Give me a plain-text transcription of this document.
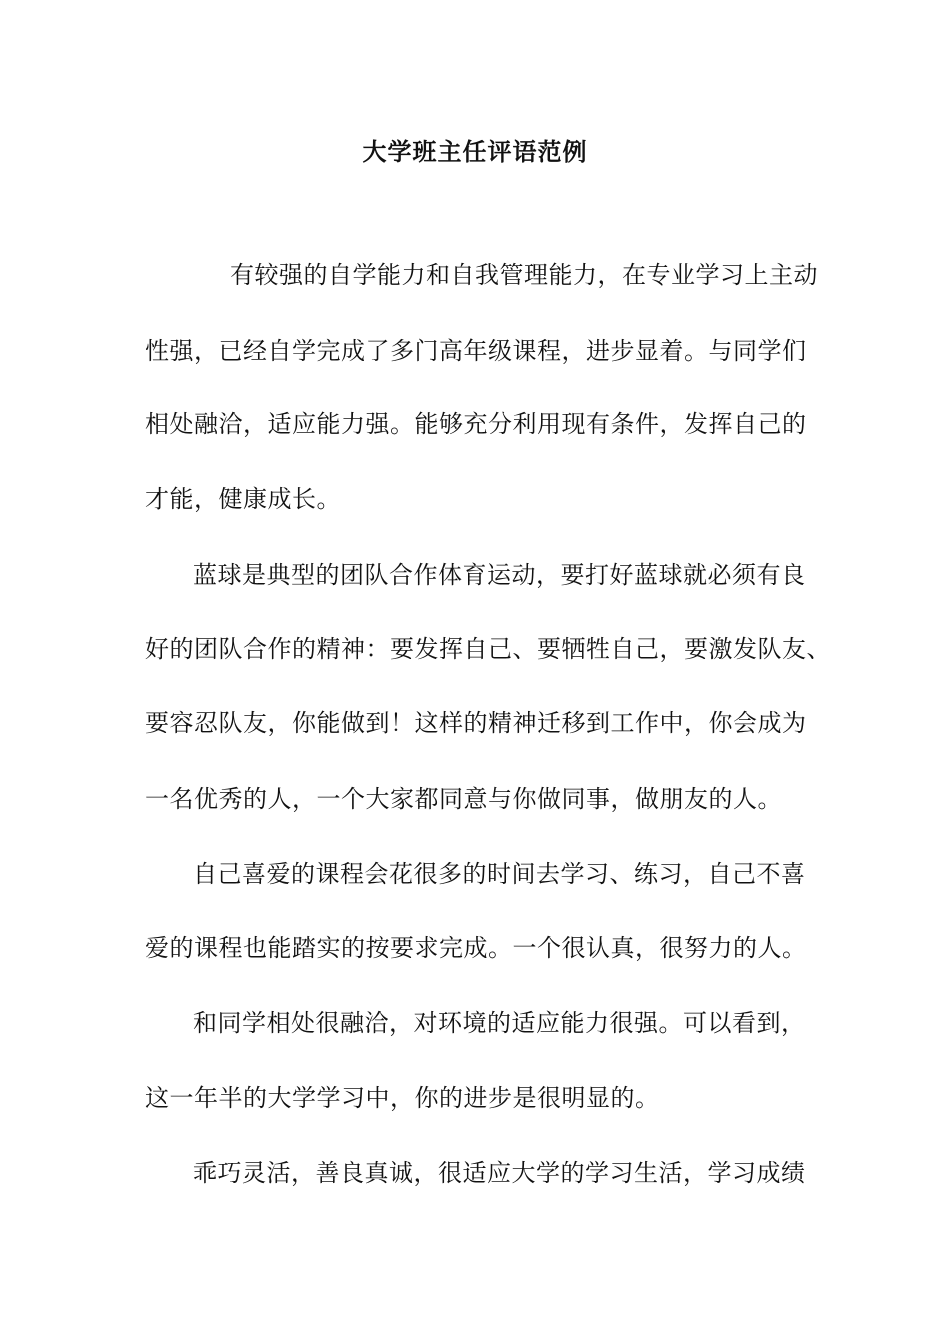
大学班主任评语范例
有较强的自学能力和自我管理能力，在专业学习上主动
性强，已经自学完成了多门高年级课程，进步显着。与同学们
相处融洽，适应能力强。能够充分利用现有条件，发挥自己的
才能，健康成长。
蓝球是典型的团队合作体育运动，要打好蓝球就必须有良
好的团队合作的精神：要发挥自己、要牺牲自己，要激发队友、
要容忍队友，你能做到！这样的精神迁移到工作中，你会成为
一名优秀的人，一个大家都同意与你做同事，做朋友的人。
自己喜爱的课程会花很多的时间去学习、练习，自己不喜
爱的课程也能踏实的按要求完成。一个很认真，很努力的人。
和同学相处很融洽，对环境的适应能力很强。可以看到，
这一年半的大学学习中，你的进步是很明显的。
乖巧灵活，善良真诚，很适应大学的学习生活，学习成绩
